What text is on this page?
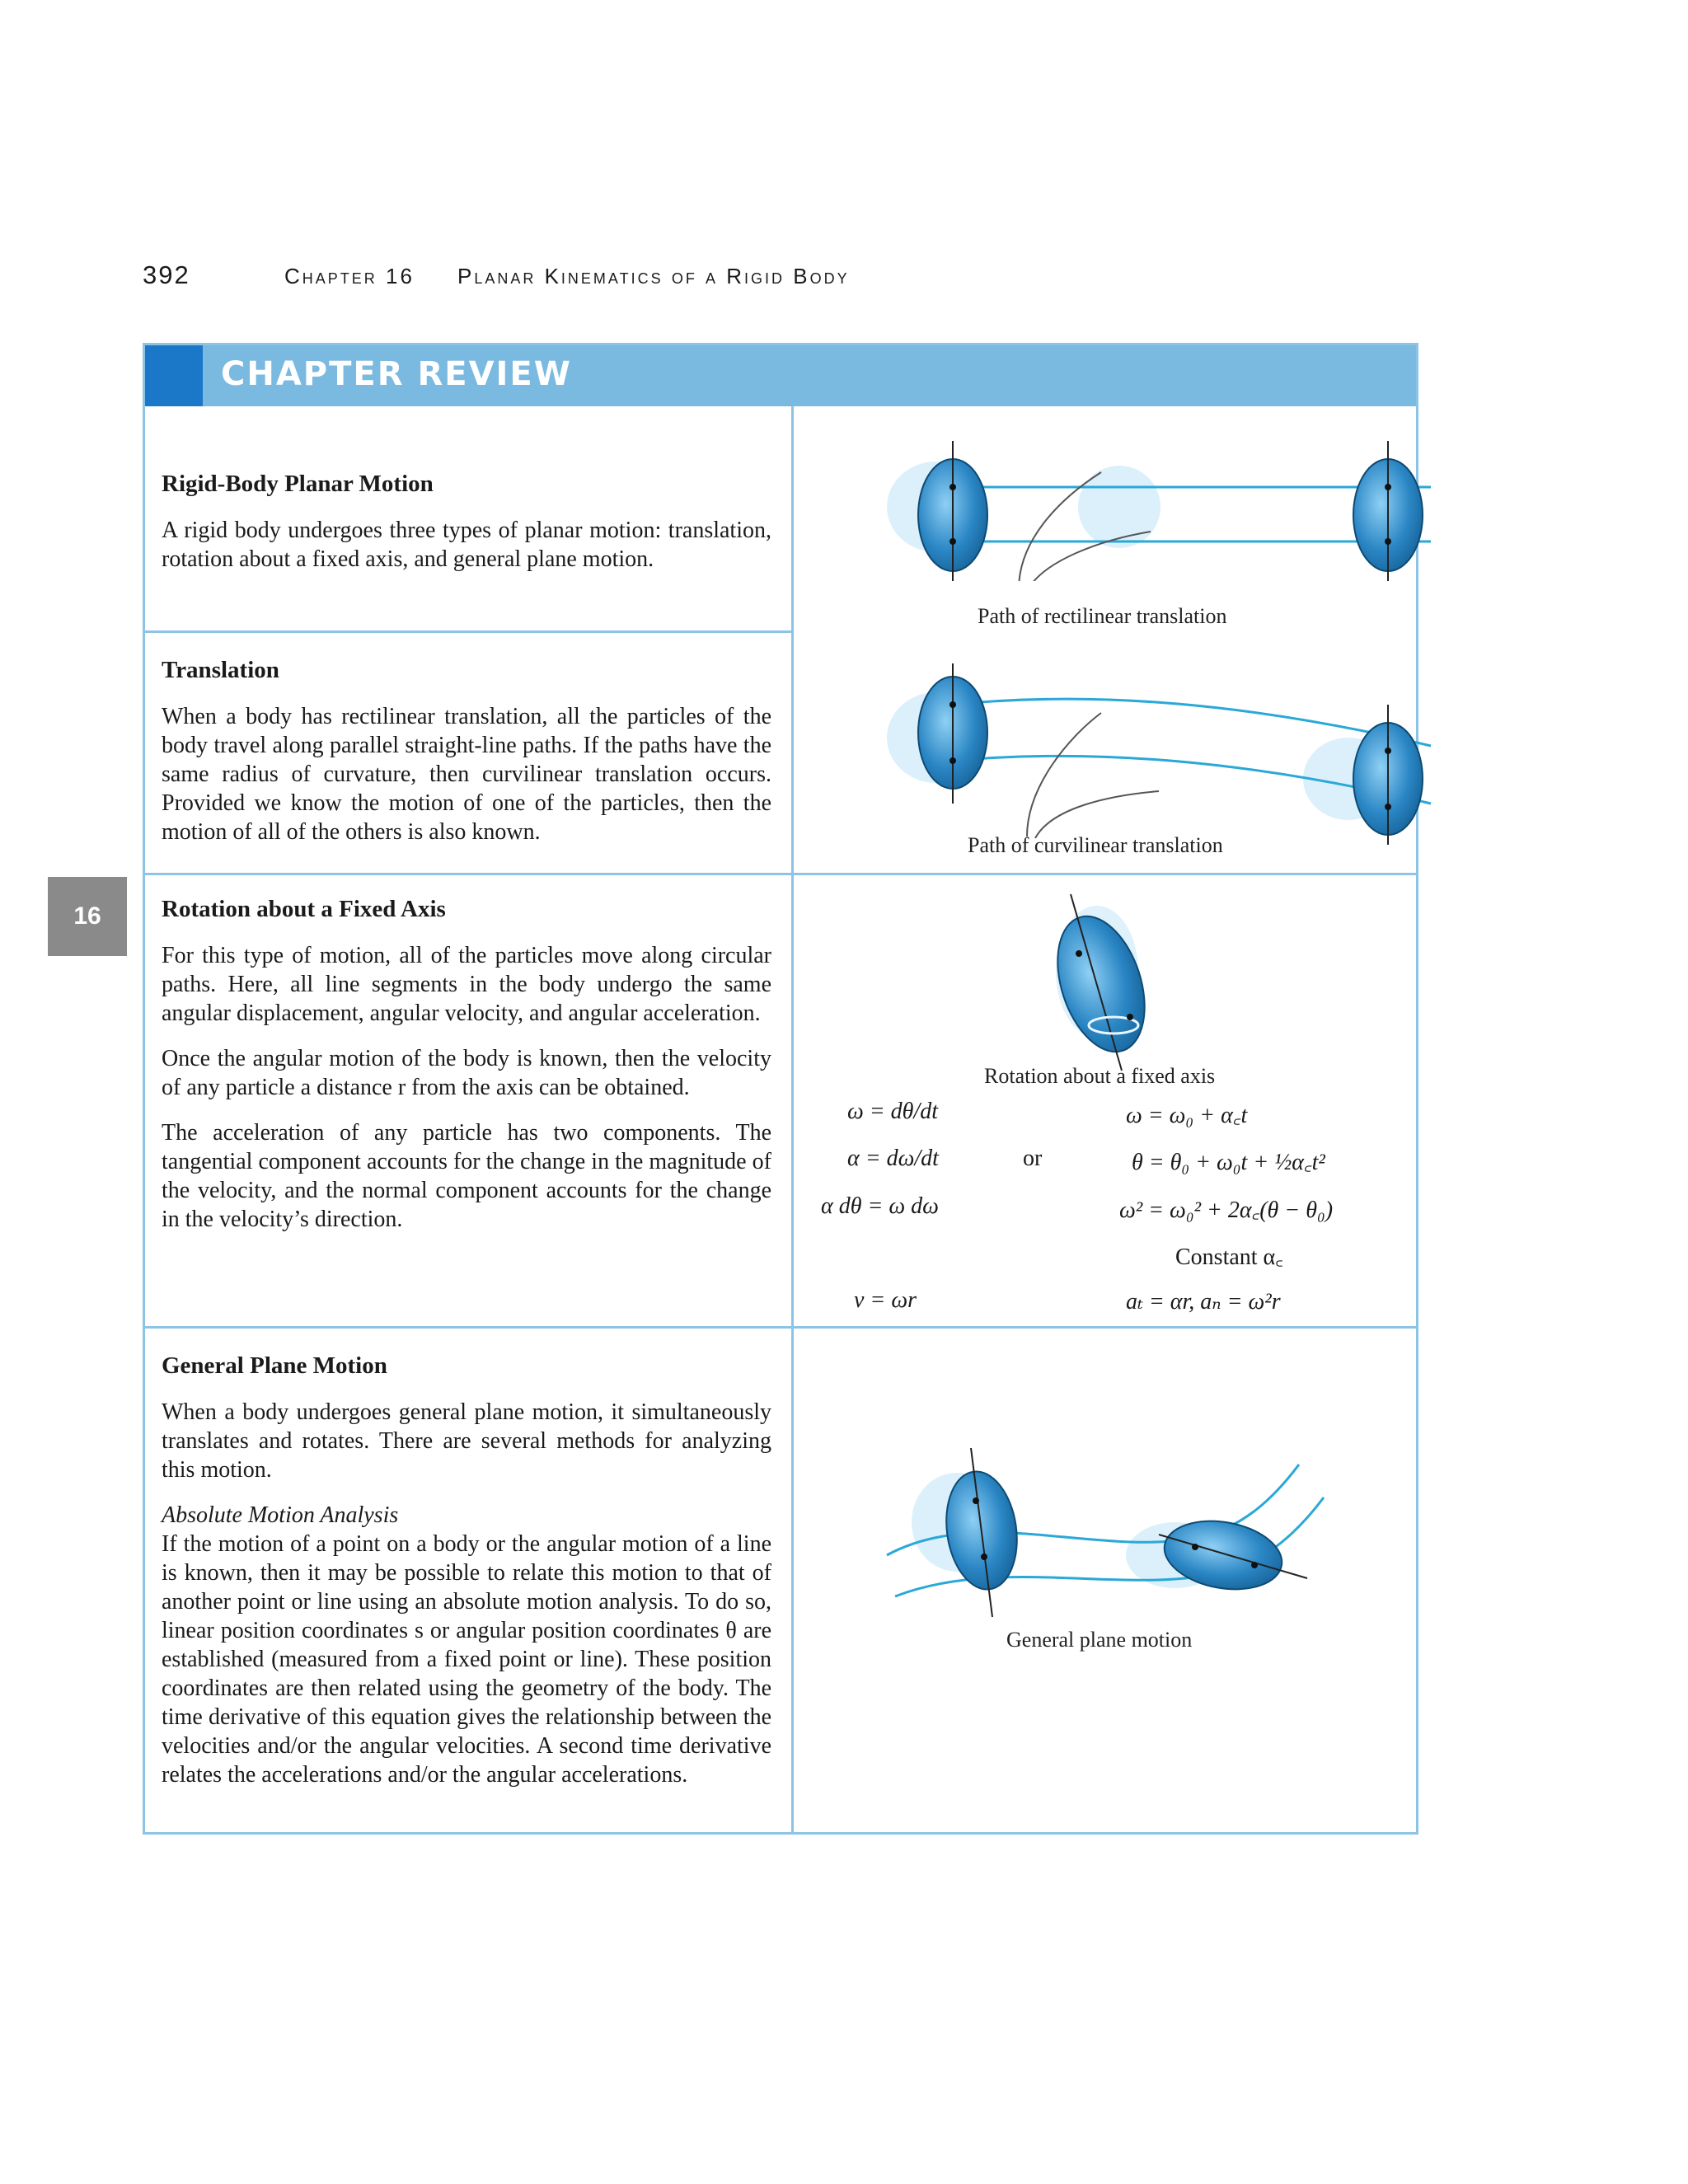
392	Chapter 16	Planar Kinematics of a Rigid Body
16
CHAPTER REVIEW

Rigid-Body Planar Motion

A rigid body undergoes three types of planar motion: translation, rotation about a fixed axis, and general plane motion.

Translation

When a body has rectilinear translation, all the particles of the body travel along parallel straight-line paths. If the paths have the same radius of curvature, then curvilinear translation occurs. Provided we know the motion of one of the particles, then the motion of all of the others is also known.

Rotation about a Fixed Axis

For this type of motion, all of the particles move along circular paths. Here, all line segments in the body undergo the same angular displacement, angular velocity, and angular acceleration.

Once the angular motion of the body is known, then the velocity of any particle a distance r from the axis can be obtained.

The acceleration of any particle has two components. The tangential component accounts for the change in the magnitude of the velocity, and the normal component accounts for the change in the velocity’s direction.

General Plane Motion

When a body undergoes general plane motion, it simultaneously translates and rotates. There are several methods for analyzing this motion.

Absolute Motion Analysis

If the motion of a point on a body or the angular motion of a line is known, then it may be possible to relate this motion to that of another point or line using an absolute motion analysis. To do so, linear position coordinates s or angular position coordinates θ are established (measured from a fixed point or line). These position coordinates are then related using the geometry of the body. The time derivative of this equation gives the relationship between the velocities and/or the angular velocities. A second time derivative relates the accelerations and/or the angular accelerations.

Path of rectilinear translation
Path of curvilinear translation
Rotation about a fixed axis
ω = dθ/dt
α = dω/dt
α dθ = ω dω
v = ωr
or
ω = ω₀ + α꜀t
θ = θ₀ + ω₀t + ½α꜀t²
ω² = ω₀² + 2α꜀(θ − θ₀)
Constant α꜀
aₜ = αr, aₙ = ω²r
General plane motion
